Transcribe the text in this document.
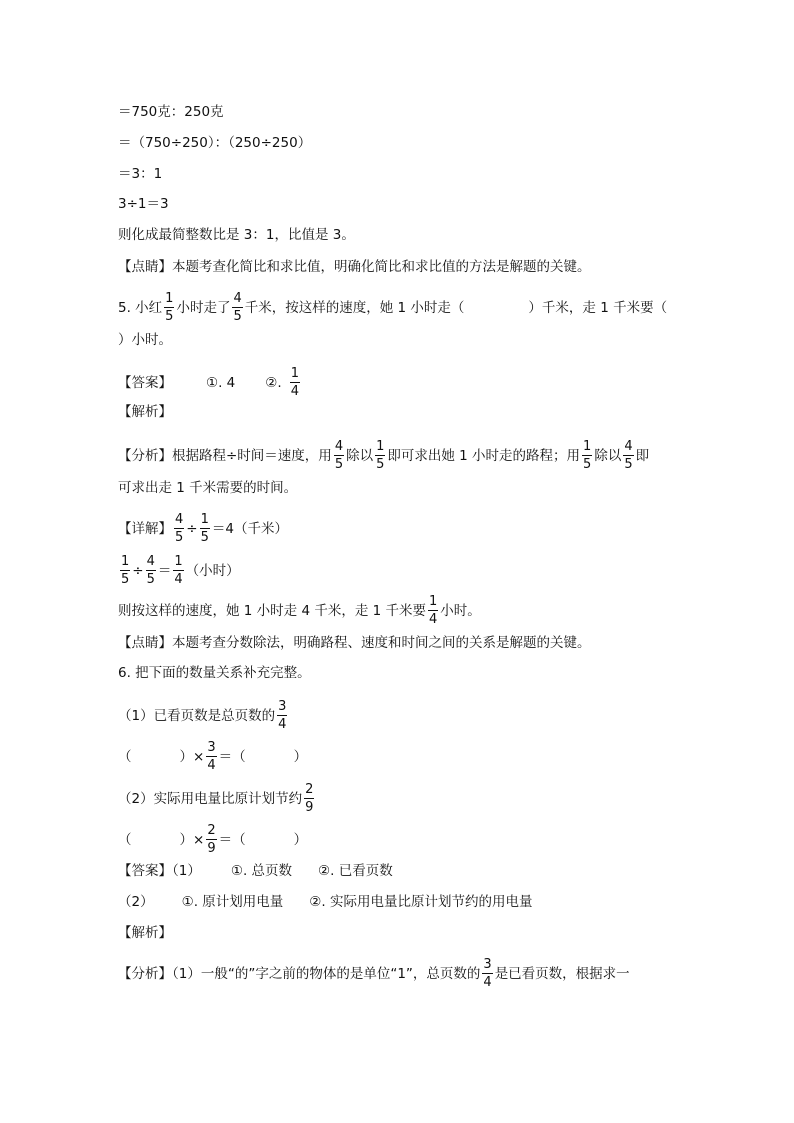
＝750克：250克
＝（750÷250）：（250÷250）
＝3：1
3÷1＝3
则化成最简整数比是 3：1，比值是 3。
【点睛】本题考查化简比和求比值，明确化简比和求比值的方法是解题的关键。
5. 小红 $\frac{1}{5}$ 小时走了 $\frac{4}{5}$ 千米，按这样的速度，她 1 小时走（	）千米，走 1 千米要（
）小时。
【答案】	①. 4 ②. $\frac{1}{4}$
【解析】
【分析】根据路程÷时间＝速度，用 $\frac{4}{5}$ 除以 $\frac{1}{5}$ 即可求出她 1 小时走的路程；用 $\frac{1}{5}$ 除以 $\frac{4}{5}$ 即
可求出走 1 千米需要的时间。
【详解】 $\frac{4}{5} \div \frac{1}{5} =4$（千米）
$\frac{1}{5} \div \frac{4}{5} = \frac{1}{4}$ （小时）
则按这样的速度，她 1 小时走 4 千米，走 1 千米要 $\frac{1}{4}$ 小时。
【点睛】本题考查分数除法，明确路程、速度和时间之间的关系是解题的关键。
6. 把下面的数量关系补充完整。
（1）已看页数是总页数的 $\frac{3}{4}$
（	）× $\frac{3}{4}$ ＝（	）
（2）实际用电量比原计划节约 $\frac{2}{9}$
（	）× $\frac{2}{9}$ ＝（	）
【答案】（1） ①. 总页数 ②. 已看页数
（2） ①. 原计划用电量 ②. 实际用电量比原计划节约的用电量
【解析】
【分析】（1）一般“的”字之前的物体的是单位“1”，总页数的 $\frac{3}{4}$ 是已看页数，根据求一
